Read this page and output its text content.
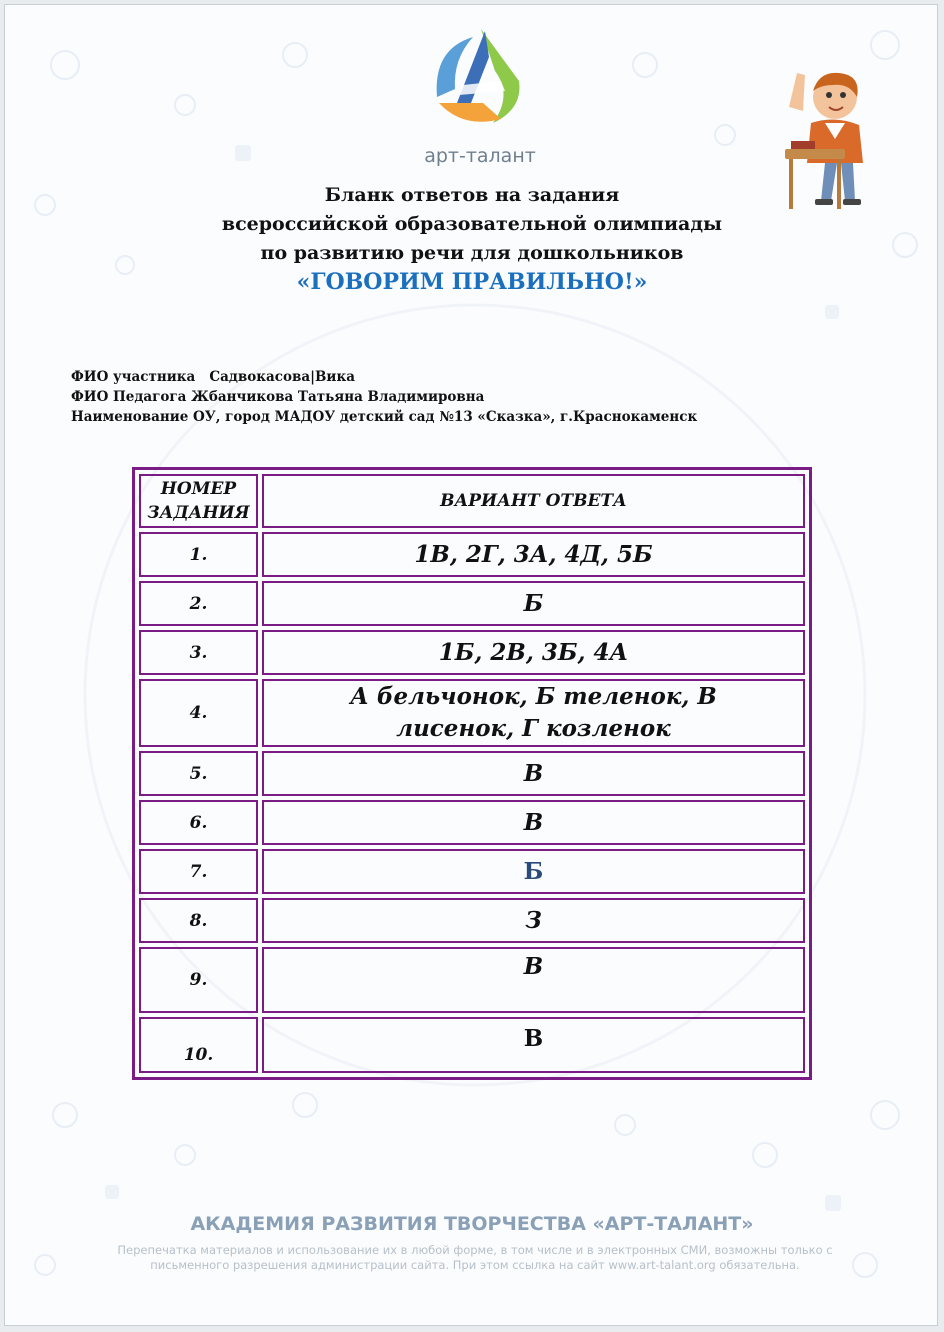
арт-талант
Бланк ответов на задания
всероссийской образовательной олимпиады
по развитию речи для дошкольников
«ГОВОРИМ ПРАВИЛЬНО!»
ФИО участника Садвокасова|Вика
ФИО Педагога Жбанчикова Татьяна Владимировна
Наименование ОУ, город МАДОУ детский сад №13 «Сказка», г.Краснокаменск
НОМЕР
ЗАДАНИЯ	ВАРИАНТ ОТВЕТА
1.	1В, 2Г, 3А, 4Д, 5Б
2.	Б
3.	1Б, 2В, 3Б, 4А
4.	А бельчонок, Б теленок, В лисенок, Г козленок
5.	В
6.	В
7.	Б
8.	З
9.	В
10.	В
АКАДЕМИЯ РАЗВИТИЯ ТВОРЧЕСТВА «АРТ-ТАЛАНТ»
Перепечатка материалов и использование их в любой форме, в том числе и в электронных СМИ, возможны только с письменного разрешения администрации сайта. При этом ссылка на сайт www.art-talant.org обязательна.
